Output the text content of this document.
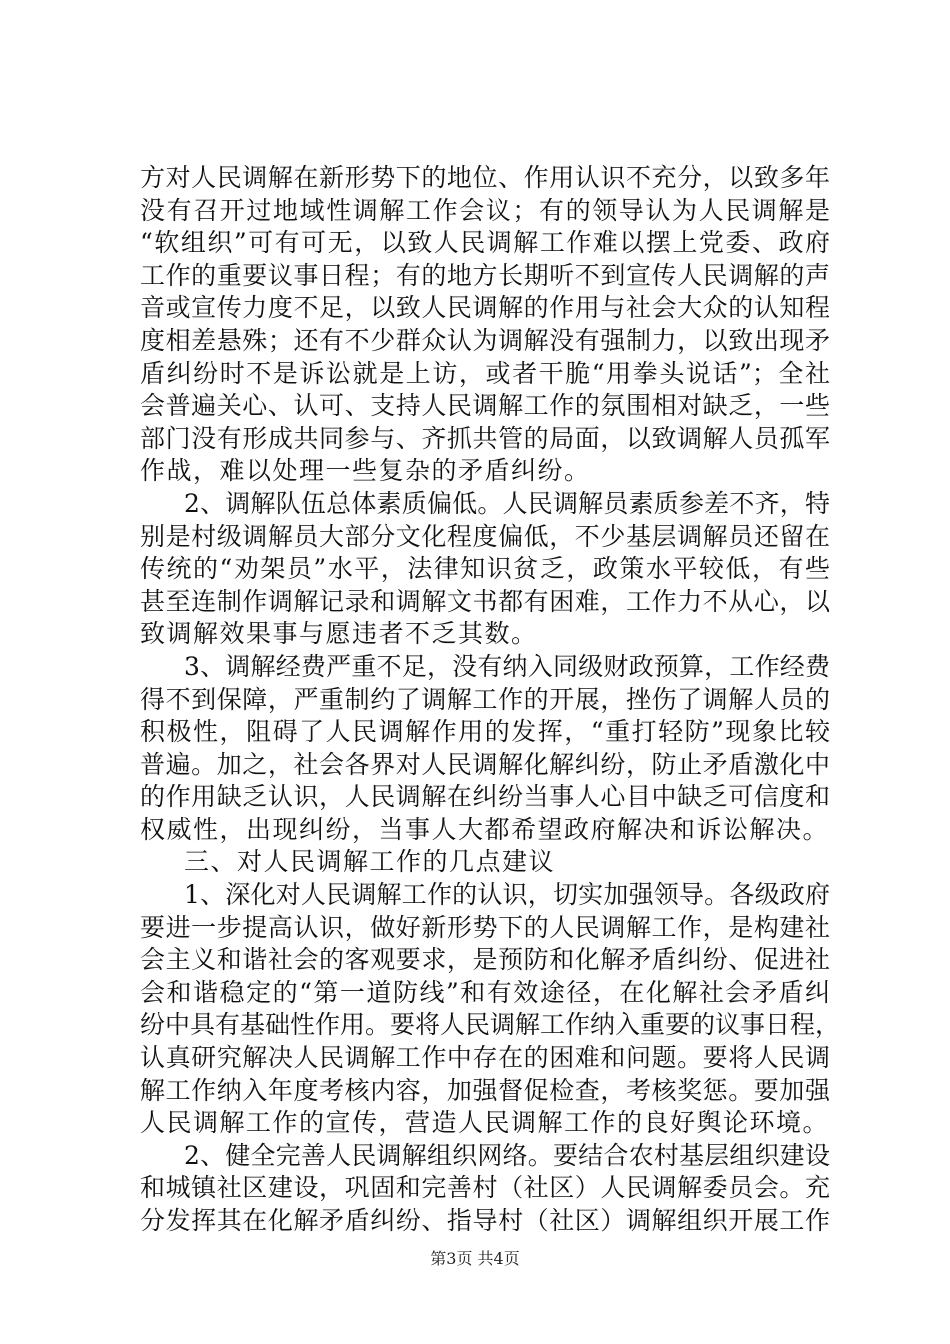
方对人民调解在新形势下的地位、作用认识不充分，以致多年
没有召开过地域性调解工作会议；有的领导认为人民调解是
“软组织”可有可无，以致人民调解工作难以摆上党委、政府
工作的重要议事日程；有的地方长期听不到宣传人民调解的声
音或宣传力度不足，以致人民调解的作用与社会大众的认知程
度相差悬殊；还有不少群众认为调解没有强制力，以致出现矛
盾纠纷时不是诉讼就是上访，或者干脆“用拳头说话”；全社
会普遍关心、认可、支持人民调解工作的氛围相对缺乏，一些
部门没有形成共同参与、齐抓共管的局面，以致调解人员孤军
作战，难以处理一些复杂的矛盾纠纷。
2、调解队伍总体素质偏低。人民调解员素质参差不齐，特
别是村级调解员大部分文化程度偏低，不少基层调解员还留在
传统的“劝架员”水平，法律知识贫乏，政策水平较低，有些
甚至连制作调解记录和调解文书都有困难，工作力不从心，以
致调解效果事与愿违者不乏其数。
3、调解经费严重不足，没有纳入同级财政预算，工作经费
得不到保障，严重制约了调解工作的开展，挫伤了调解人员的
积极性，阻碍了人民调解作用的发挥，“重打轻防”现象比较
普遍。加之，社会各界对人民调解化解纠纷，防止矛盾激化中
的作用缺乏认识，人民调解在纠纷当事人心目中缺乏可信度和
权威性，出现纠纷，当事人大都希望政府解决和诉讼解决。
三、对人民调解工作的几点建议
1、深化对人民调解工作的认识，切实加强领导。各级政府
要进一步提高认识，做好新形势下的人民调解工作，是构建社
会主义和谐社会的客观要求，是预防和化解矛盾纠纷、促进社
会和谐稳定的“第一道防线”和有效途径，在化解社会矛盾纠
纷中具有基础性作用。要将人民调解工作纳入重要的议事日程，
认真研究解决人民调解工作中存在的困难和问题。要将人民调
解工作纳入年度考核内容，加强督促检查，考核奖惩。要加强
人民调解工作的宣传，营造人民调解工作的良好舆论环境。
2、健全完善人民调解组织网络。要结合农村基层组织建设
和城镇社区建设，巩固和完善村（社区）人民调解委员会。充
分发挥其在化解矛盾纠纷、指导村（社区）调解组织开展工作
第3页 共4页
